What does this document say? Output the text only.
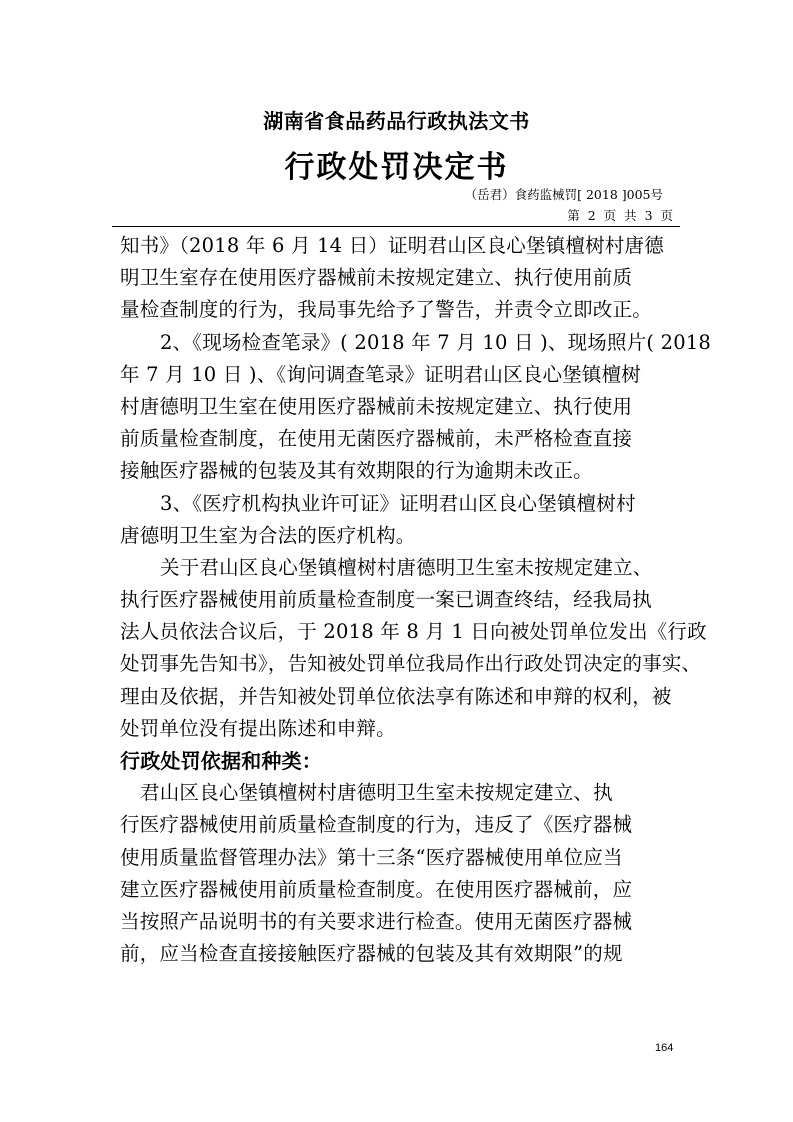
湖南省食品药品行政执法文书
行政处罚决定书
（岳君）食药监械罚[ 2018 ]005号
第 2 页 共 3 页
知书》（2018 年 6 月 14 日）证明君山区良心堡镇檀树村唐德
明卫生室存在使用医疗器械前未按规定建立、执行使用前质
量检查制度的行为，我局事先给予了警告，并责令立即改正。
2、《现场检查笔录》( 2018 年 7 月 10 日 )、现场照片( 2018
年 7 月 10 日 )、《询问调查笔录》证明君山区良心堡镇檀树
村唐德明卫生室在使用医疗器械前未按规定建立、执行使用
前质量检查制度，在使用无菌医疗器械前，未严格检查直接
接触医疗器械的包装及其有效期限的行为逾期未改正。
3、《医疗机构执业许可证》证明君山区良心堡镇檀树村
唐德明卫生室为合法的医疗机构。
关于君山区良心堡镇檀树村唐德明卫生室未按规定建立、
执行医疗器械使用前质量检查制度一案已调查终结，经我局执
法人员依法合议后，于 2018 年 8 月 1 日向被处罚单位发出《行政
处罚事先告知书》，告知被处罚单位我局作出行政处罚决定的事实、
理由及依据，并告知被处罚单位依法享有陈述和申辩的权利，被
处罚单位没有提出陈述和申辩。
行政处罚依据和种类：
君山区良心堡镇檀树村唐德明卫生室未按规定建立、执
行医疗器械使用前质量检查制度的行为，违反了《医疗器械
使用质量监督管理办法》第十三条“医疗器械使用单位应当
建立医疗器械使用前质量检查制度。在使用医疗器械前，应
当按照产品说明书的有关要求进行检查。使用无菌医疗器械
前，应当检查直接接触医疗器械的包装及其有效期限”的规
164
